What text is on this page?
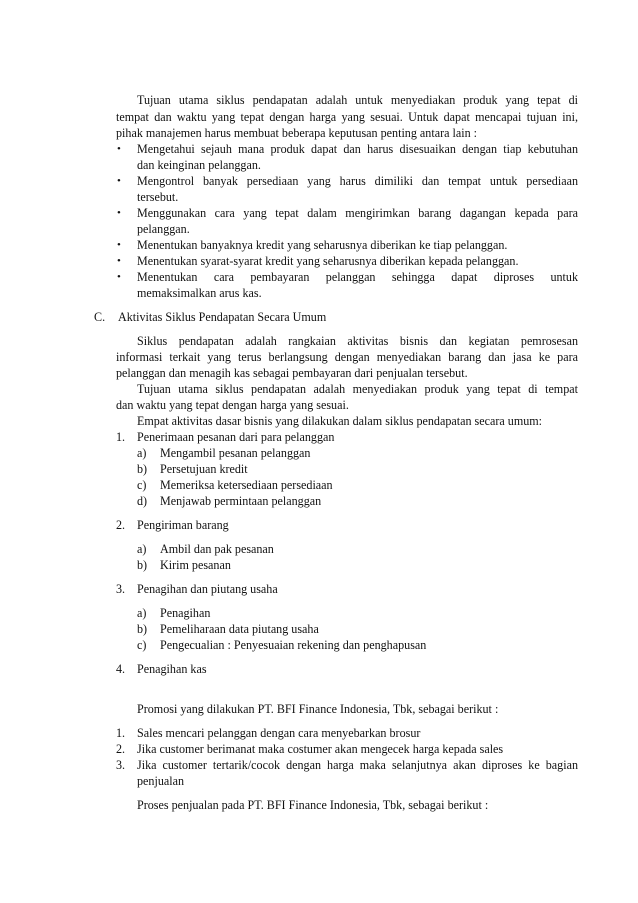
Tujuan utama siklus pendapatan adalah untuk menyediakan produk yang tepat di
tempat dan waktu yang tepat dengan harga yang sesuai. Untuk dapat mencapai tujuan ini,
pihak manajemen harus membuat beberapa keputusan penting antara lain :
• Mengetahui sejauh mana produk dapat dan harus disesuaikan dengan tiap kebutuhan
dan keinginan pelanggan.
• Mengontrol banyak persediaan yang harus dimiliki dan tempat untuk persediaan
tersebut.
• Menggunakan cara yang tepat dalam mengirimkan barang dagangan kepada para
pelanggan.
• Menentukan banyaknya kredit yang seharusnya diberikan ke tiap pelanggan.
• Menentukan syarat-syarat kredit yang seharusnya diberikan kepada pelanggan.
• Menentukan cara pembayaran pelanggan sehingga dapat diproses untuk
memaksimalkan arus kas.
C. Aktivitas Siklus Pendapatan Secara Umum
Siklus pendapatan adalah rangkaian aktivitas bisnis dan kegiatan pemrosesan
informasi terkait yang terus berlangsung dengan menyediakan barang dan jasa ke para
pelanggan dan menagih kas sebagai pembayaran dari penjualan tersebut.
Tujuan utama siklus pendapatan adalah menyediakan produk yang tepat di tempat
dan waktu yang tepat dengan harga yang sesuai.
Empat aktivitas dasar bisnis yang dilakukan dalam siklus pendapatan secara umum:
1. Penerimaan pesanan dari para pelanggan
a) Mengambil pesanan pelanggan
b) Persetujuan kredit
c) Memeriksa ketersediaan persediaan
d) Menjawab permintaan pelanggan
2. Pengiriman barang
a) Ambil dan pak pesanan
b) Kirim pesanan
3. Penagihan dan piutang usaha
a) Penagihan
b) Pemeliharaan data piutang usaha
c) Pengecualian : Penyesuaian rekening dan penghapusan
4. Penagihan kas
Promosi yang dilakukan PT. BFI Finance Indonesia, Tbk, sebagai berikut :
1. Sales mencari pelanggan dengan cara menyebarkan brosur
2. Jika customer berimanat maka costumer akan mengecek harga kepada sales
3. Jika customer tertarik/cocok dengan harga maka selanjutnya akan diproses ke bagian
penjualan
Proses penjualan pada PT. BFI Finance Indonesia, Tbk, sebagai berikut :
